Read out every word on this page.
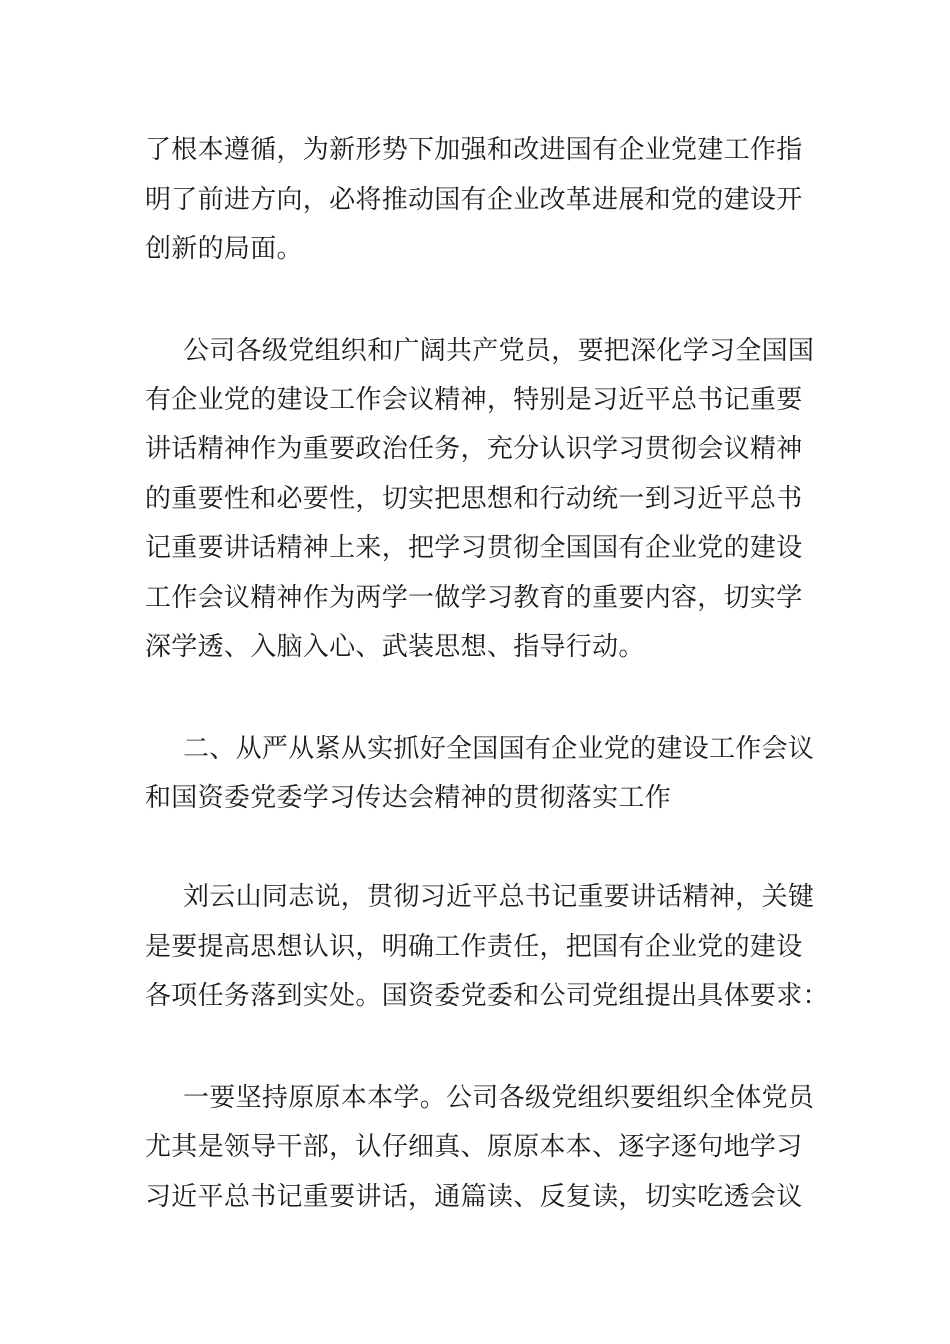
了根本遵循，为新形势下加强和改进国有企业党建工作指
明了前进方向，必将推动国有企业改革进展和党的建设开
创新的局面。
公司各级党组织和广阔共产党员，要把深化学习全国国
有企业党的建设工作会议精神，特别是习近平总书记重要
讲话精神作为重要政治任务，充分认识学习贯彻会议精神
的重要性和必要性，切实把思想和行动统一到习近平总书
记重要讲话精神上来，把学习贯彻全国国有企业党的建设
工作会议精神作为两学一做学习教育的重要内容，切实学
深学透、入脑入心、武装思想、指导行动。
二、从严从紧从实抓好全国国有企业党的建设工作会议
和国资委党委学习传达会精神的贯彻落实工作
刘云山同志说，贯彻习近平总书记重要讲话精神，关键
是要提高思想认识，明确工作责任，把国有企业党的建设
各项任务落到实处。国资委党委和公司党组提出具体要求：
一要坚持原原本本学。公司各级党组织要组织全体党员
尤其是领导干部，认仔细真、原原本本、逐字逐句地学习
习近平总书记重要讲话，通篇读、反复读，切实吃透会议
